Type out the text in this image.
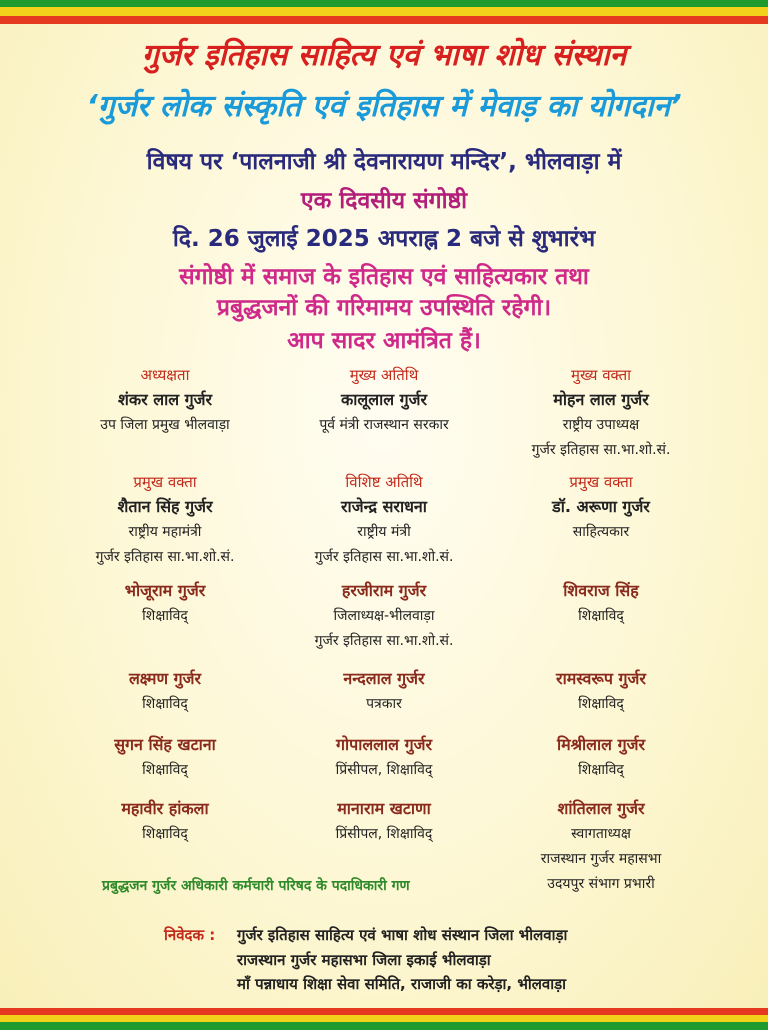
गुर्जर इतिहास साहित्य एवं भाषा शोध संस्थान
‘गुर्जर लोक संस्कृति एवं इतिहास में मेवाड़ का योगदान’
विषय पर ‘पालनाजी श्री देवनारायण मन्दिर’, भीलवाड़ा में
एक दिवसीय संगोष्ठी
दि. 26 जुलाई 2025 अपराह्न 2 बजे से शुभारंभ
संगोष्ठी में समाज के इतिहास एवं साहित्यकार तथा
प्रबुद्धजनों की गरिमामय उपस्थिति रहेगी।
आप सादर आमंत्रित हैं।
अध्यक्षता
शंकर लाल गुर्जर
उप जिला प्रमुख भीलवाड़ा
मुख्य अतिथि
कालूलाल गुर्जर
पूर्व मंत्री राजस्थान सरकार
मुख्य वक्ता
मोहन लाल गुर्जर
राष्ट्रीय उपाध्यक्ष
गुर्जर इतिहास सा.भा.शो.सं.
प्रमुख वक्ता
शैतान सिंह गुर्जर
राष्ट्रीय महामंत्री
गुर्जर इतिहास सा.भा.शो.सं.
विशिष्ट अतिथि
राजेन्द्र सराधना
राष्ट्रीय मंत्री
गुर्जर इतिहास सा.भा.शो.सं.
प्रमुख वक्ता
डॉ. अरूणा गुर्जर
साहित्यकार
भोजूराम गुर्जर
शिक्षाविद्
हरजीराम गुर्जर
जिलाध्यक्ष-भीलवाड़ा
गुर्जर इतिहास सा.भा.शो.सं.
शिवराज सिंह
शिक्षाविद्
लक्ष्मण गुर्जर
शिक्षाविद्
नन्दलाल गुर्जर
पत्रकार
रामस्वरूप गुर्जर
शिक्षाविद्
सुगन सिंह खटाना
शिक्षाविद्
गोपाललाल गुर्जर
प्रिंसीपल, शिक्षाविद्
मिश्रीलाल गुर्जर
शिक्षाविद्
महावीर हांकला
शिक्षाविद्
मानाराम खटाणा
प्रिंसीपल, शिक्षाविद्
शांतिलाल गुर्जर
स्वागताध्यक्ष
राजस्थान गुर्जर महासभा
उदयपुर संभाग प्रभारी
प्रबुद्धजन गुर्जर अधिकारी कर्मचारी परिषद के पदाधिकारी गण
निवेदक : गुर्जर इतिहास साहित्य एवं भाषा शोध संस्थान जिला भीलवाड़ा
राजस्थान गुर्जर महासभा जिला इकाई भीलवाड़ा
माँ पन्नाधाय शिक्षा सेवा समिति, राजाजी का करेड़ा, भीलवाड़ा
